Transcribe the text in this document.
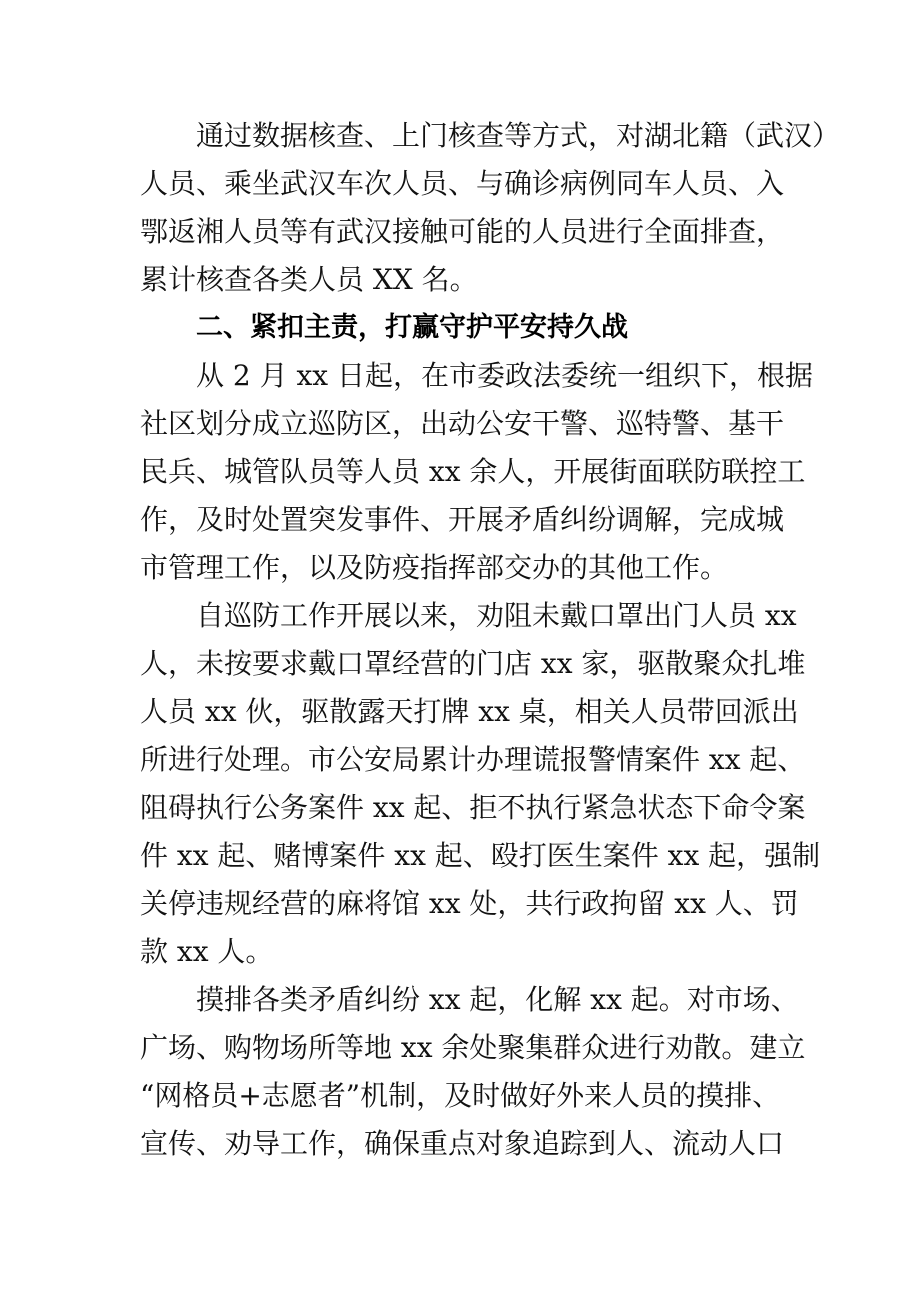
通过数据核查、上门核查等方式，对湖北籍（武汉）
人员、乘坐武汉车次人员、与确诊病例同车人员、入
鄂返湘人员等有武汉接触可能的人员进行全面排查，
累计核查各类人员 XX 名。

二、紧扣主责，打赢守护平安持久战

从 2 月 xx 日起，在市委政法委统一组织下，根据
社区划分成立巡防区，出动公安干警、巡特警、基干
民兵、城管队员等人员 xx 余人，开展街面联防联控工
作，及时处置突发事件、开展矛盾纠纷调解，完成城
市管理工作，以及防疫指挥部交办的其他工作。

自巡防工作开展以来，劝阻未戴口罩出门人员 xx
人，未按要求戴口罩经营的门店 xx 家，驱散聚众扎堆
人员 xx 伙，驱散露天打牌 xx 桌，相关人员带回派出
所进行处理。市公安局累计办理谎报警情案件 xx 起、
阻碍执行公务案件 xx 起、拒不执行紧急状态下命令案
件 xx 起、赌博案件 xx 起、殴打医生案件 xx 起，强制
关停违规经营的麻将馆 xx 处，共行政拘留 xx 人、罚
款 xx 人。

摸排各类矛盾纠纷 xx 起，化解 xx 起。对市场、
广场、购物场所等地 xx 余处聚集群众进行劝散。建立
“网格员+志愿者”机制，及时做好外来人员的摸排、
宣传、劝导工作，确保重点对象追踪到人、流动人口
